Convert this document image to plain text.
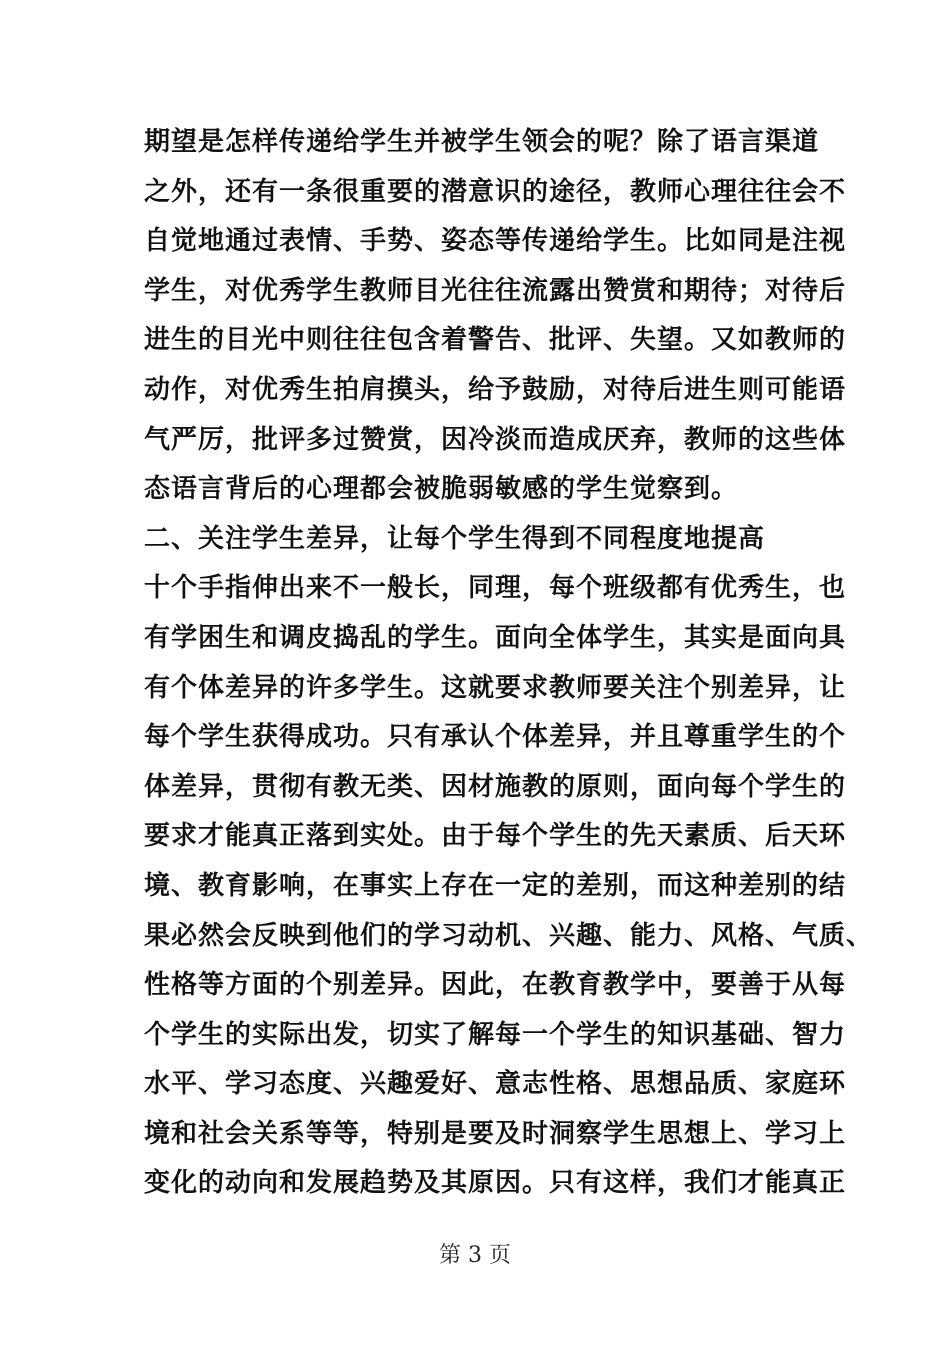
期望是怎样传递给学生并被学生领会的呢？除了语言渠道
之外，还有一条很重要的潜意识的途径，教师心理往往会不
自觉地通过表情、手势、姿态等传递给学生。比如同是注视
学生，对优秀学生教师目光往往流露出赞赏和期待；对待后
进生的目光中则往往包含着警告、批评、失望。又如教师的
动作，对优秀生拍肩摸头，给予鼓励，对待后进生则可能语
气严厉，批评多过赞赏，因冷淡而造成厌弃，教师的这些体
态语言背后的心理都会被脆弱敏感的学生觉察到。
二、关注学生差异，让每个学生得到不同程度地提高
十个手指伸出来不一般长，同理，每个班级都有优秀生，也
有学困生和调皮捣乱的学生。面向全体学生，其实是面向具
有个体差异的许多学生。这就要求教师要关注个别差异，让
每个学生获得成功。只有承认个体差异，并且尊重学生的个
体差异，贯彻有教无类、因材施教的原则，面向每个学生的
要求才能真正落到实处。由于每个学生的先天素质、后天环
境、教育影响，在事实上存在一定的差别，而这种差别的结
果必然会反映到他们的学习动机、兴趣、能力、风格、气质、
性格等方面的个别差异。因此，在教育教学中，要善于从每
个学生的实际出发，切实了解每一个学生的知识基础、智力
水平、学习态度、兴趣爱好、意志性格、思想品质、家庭环
境和社会关系等等，特别是要及时洞察学生思想上、学习上
变化的动向和发展趋势及其原因。只有这样，我们才能真正
第 3 页
